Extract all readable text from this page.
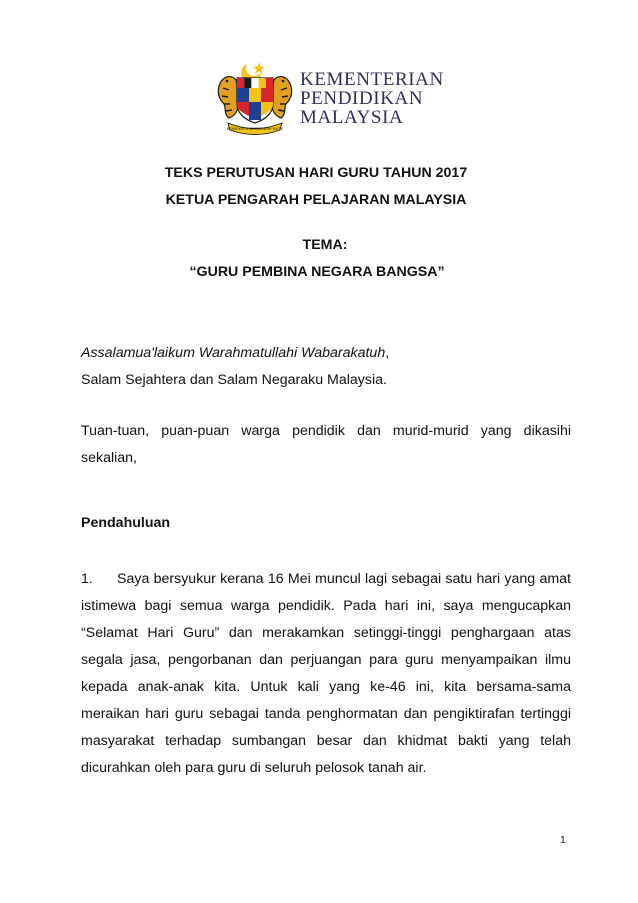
BERSEKUTU BERTAMBAH MUTU
KEMENTERIAN
PENDIDIKAN
MALAYSIA
TEKS PERUTUSAN HARI GURU TAHUN 2017
KETUA PENGARAH PELAJARAN MALAYSIA
TEMA:
“GURU PEMBINA NEGARA BANGSA”

Assalamua'laikum Warahmatullahi Wabarakatuh,
Salam Sejahtera dan Salam Negaraku Malaysia.

Tuan-tuan, puan-puan warga pendidik dan murid-murid yang dikasihi sekalian,

Pendahuluan

1. Saya bersyukur kerana 16 Mei muncul lagi sebagai satu hari yang amat istimewa bagi semua warga pendidik. Pada hari ini, saya mengucapkan “Selamat Hari Guru” dan merakamkan setinggi-tinggi penghargaan atas segala jasa, pengorbanan dan perjuangan para guru menyampaikan ilmu kepada anak-anak kita. Untuk kali yang ke-46 ini, kita bersama-sama meraikan hari guru sebagai tanda penghormatan dan pengiktirafan tertinggi masyarakat terhadap sumbangan besar dan khidmat bakti yang telah dicurahkan oleh para guru di seluruh pelosok tanah air.

1
